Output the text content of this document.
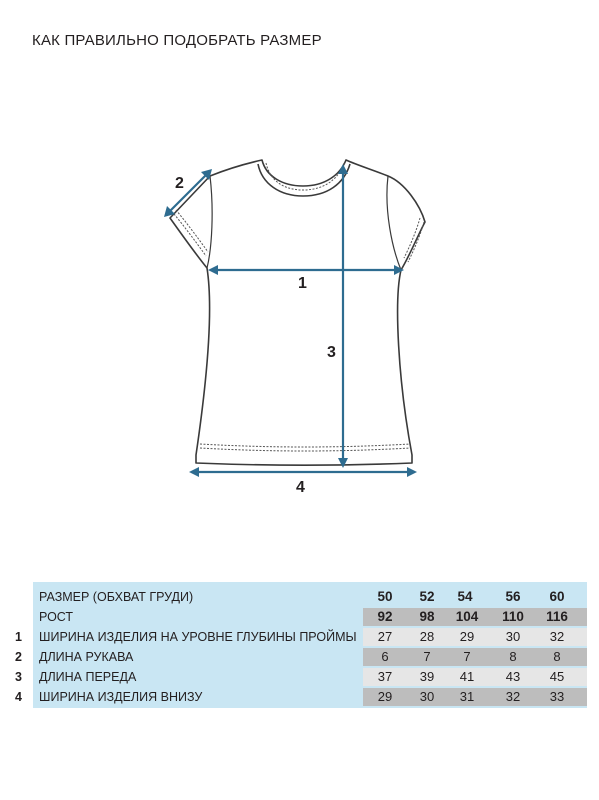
КАК ПРАВИЛЬНО ПОДОБРАТЬ РАЗМЕР
1
2
3
4
РАЗМЕР (ОБХВАТ ГРУДИ)	50	52	54	56	60
РОСТ	92	98	104	110	116
ШИРИНА ИЗДЕЛИЯ НА УРОВНЕ ГЛУБИНЫ ПРОЙМЫ	27	28	29	30	32
ДЛИНА РУКАВА	6	7	7	8	8
ДЛИНА ПЕРЕДА	37	39	41	43	45
ШИРИНА ИЗДЕЛИЯ ВНИЗУ	29	30	31	32	33
1
2
3
4
